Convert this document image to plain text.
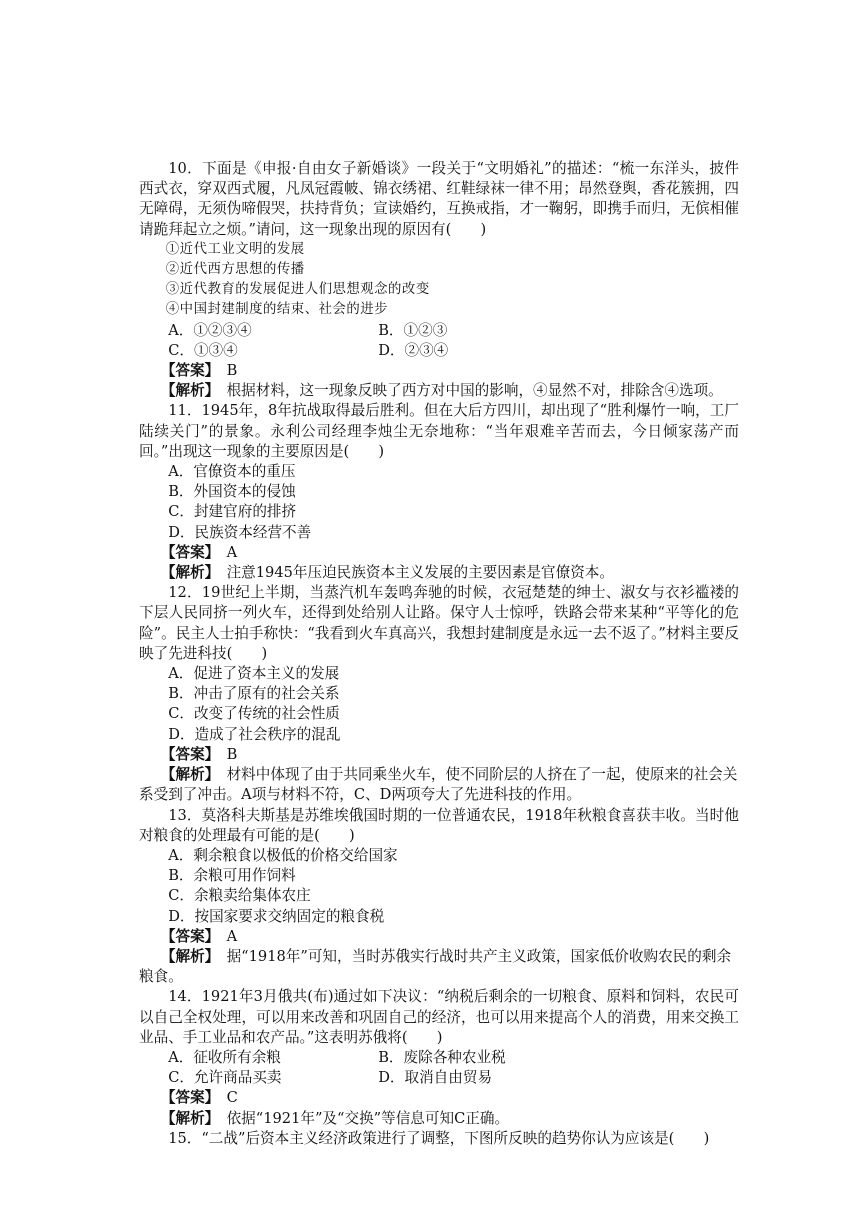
10．下面是《申报·自由女子新婚谈》一段关于“文明婚礼”的描述：“梳一东洋头，披件西式衣，穿双西式履，凡凤冠霞帔、锦衣绣裙、红鞋绿袜一律不用；昂然登舆，香花簇拥，四无障碍，无须伪啼假哭，扶持背负；宣读婚约，互换戒指，才一鞠躬，即携手而归，无傧相催请跪拜起立之烦。”请问，这一现象出现的原因有(　　)

①近代工业文明的发展

②近代西方思想的传播

③近代教育的发展促进人们思想观念的改变

④中国封建制度的结束、社会的进步

A．①②③④	B．①②③
C．①③④	D．②③④

【答案】　 B

【解析】　 根据材料，这一现象反映了西方对中国的影响，④显然不对，排除含④选项。

11．1945年，8年抗战取得最后胜利。但在大后方四川，却出现了“胜利爆竹一响，工厂陆续关门”的景象。永利公司经理李烛尘无奈地称：“当年艰难辛苦而去，今日倾家荡产而回。”出现这一现象的主要原因是(　　)

A．官僚资本的重压

B．外国资本的侵蚀

C．封建官府的排挤

D．民族资本经营不善

【答案】　 A

【解析】　 注意1945年压迫民族资本主义发展的主要因素是官僚资本。

12．19世纪上半期，当蒸汽机车轰鸣奔驰的时候，衣冠楚楚的绅士、淑女与衣衫褴褛的下层人民同挤一列火车，还得到处给别人让路。保守人士惊呼，铁路会带来某种“平等化的危险”。民主人士拍手称快：“我看到火车真高兴，我想封建制度是永远一去不返了。”材料主要反映了先进科技(　　)

A．促进了资本主义的发展

B．冲击了原有的社会关系

C．改变了传统的社会性质

D．造成了社会秩序的混乱

【答案】　 B

【解析】　 材料中体现了由于共同乘坐火车，使不同阶层的人挤在了一起，使原来的社会关系受到了冲击。A项与材料不符，C、D两项夸大了先进科技的作用。

13．莫洛科夫斯基是苏维埃俄国时期的一位普通农民，1918年秋粮食喜获丰收。当时他对粮食的处理最有可能的是(　　)

A．剩余粮食以极低的价格交给国家

B．余粮可用作饲料

C．余粮卖给集体农庄

D．按国家要求交纳固定的粮食税

【答案】　 A

【解析】　 据“1918年”可知，当时苏俄实行战时共产主义政策，国家低价收购农民的剩余粮食。

14．1921年3月俄共(布)通过如下决议：“纳税后剩余的一切粮食、原料和饲料，农民可以自己全权处理，可以用来改善和巩固自己的经济，也可以用来提高个人的消费，用来交换工业品、手工业品和农产品。”这表明苏俄将(　　)

A．征收所有余粮	B．废除各种农业税
C．允许商品买卖	D．取消自由贸易

【答案】　 C

【解析】　 依据“1921年”及“交换”等信息可知C正确。

15．“二战”后资本主义经济政策进行了调整，下图所反映的趋势你认为应该是(　　)
